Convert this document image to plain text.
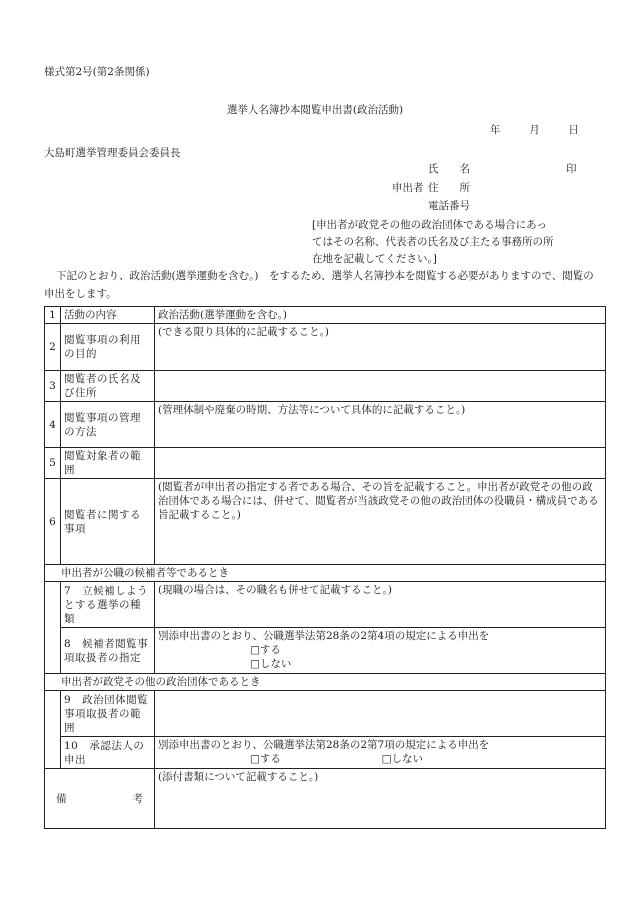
様式第2号(第2条関係)
選挙人名簿抄本閲覧申出書(政治活動)
年	月	日
大島町選挙管理委員会委員長
氏　　名	印
申出者 住　　所
電話番号
[申出者が政党その他の政治団体である場合にあっ
てはその名称、代表者の氏名及び主たる事務所の所
在地を記載してください。]
下記のとおり、政治活動(選挙運動を含む。)　をするため、選挙人名簿抄本を閲覧する必要がありますので、閲覧の申出をします。
1	活動の内容	政治活動(選挙運動を含む。)
2	閲覧事項の利用の目的	(できる限り具体的に記載すること。)
3	閲覧者の氏名及び住所	
4	閲覧事項の管理の方法	(管理体制や廃棄の時期、方法等について具体的に記載すること。)
5	閲覧対象者の範囲	
6	閲覧者に関する事項	(閲覧者が申出者の指定する者である場合、その旨を記載すること。申出者が政党その他の政治団体である場合には、併せて、閲覧者が当該政党その他の政治団体の役職員・構成員である旨記載すること。)
申出者が公職の候補者等であるとき		
	7　立候補しようとする選挙の種類	(現職の場合は、その職名も併せて記載すること。)
	8　候補者閲覧事項取扱者の指定	別添申出書のとおり、公職選挙法第28条の2第4項の規定による申出を
□する
□しない

申出者が政党その他の政治団体であるとき		
	9　政治団体閲覧事項取扱者の範囲	
	10　承認法人の申出	別添申出書のとおり、公職選挙法第28条の2第7項の規定による申出を
□する □しない

備 考		(添付書類について記載すること。)
